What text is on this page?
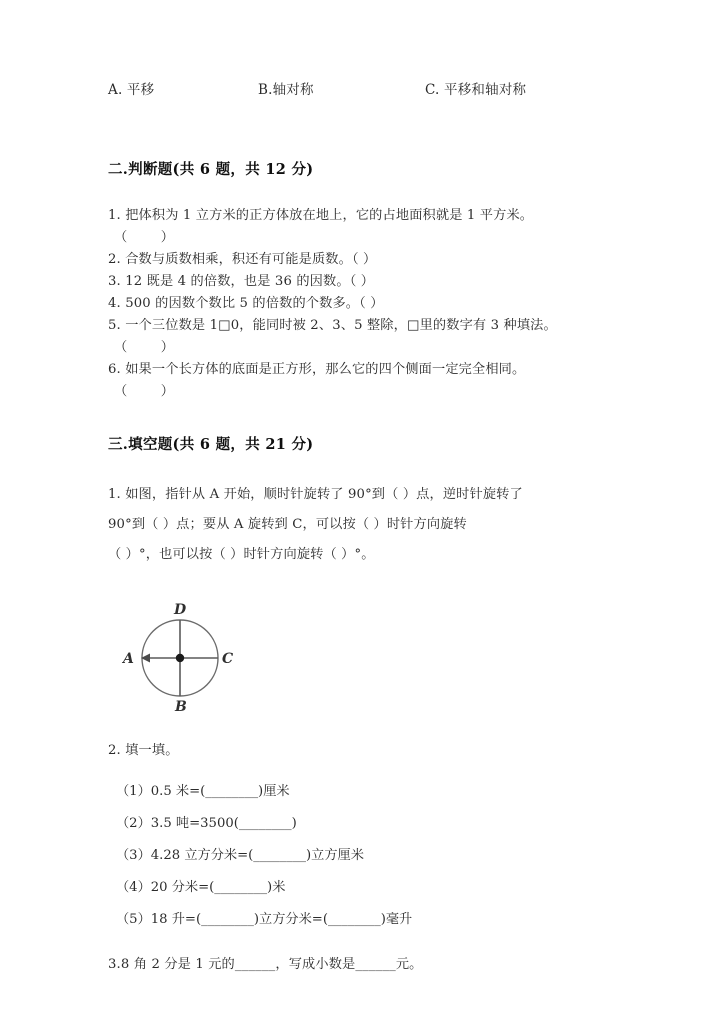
A. 平移	B.轴对称	C. 平移和轴对称
二.判断题(共 6 题，共 12 分)
1. 把体积为 1 立方米的正方体放在地上，它的占地面积就是 1 平方米。
（        ）
2. 合数与质数相乘，积还有可能是质数。（ ）
3. 12 既是 4 的倍数，也是 36 的因数。（ ）
4. 500 的因数个数比 5 的倍数的个数多。（ ）
5. 一个三位数是 1□0，能同时被 2、3、5 整除，□里的数字有 3 种填法。
（        ）
6. 如果一个长方体的底面是正方形，那么它的四个侧面一定完全相同。
（        ）
三.填空题(共 6 题，共 21 分)
1. 如图，指针从 A 开始，顺时针旋转了 90°到（ ）点，逆时针旋转了
90°到（ ）点；要从 A 旋转到 C，可以按（ ）时针方向旋转
（ ）°，也可以按（ ）时针方向旋转（ ）°。
D
A	C
B
2. 填一填。
（1）0.5 米=(________)厘米
（2）3.5 吨=3500(________)
（3）4.28 立方分米=(________)立方厘米
（4）20 分米=(________)米
（5）18 升=(________)立方分米=(________)毫升
3.8 角 2 分是 1 元的______，写成小数是______元。
